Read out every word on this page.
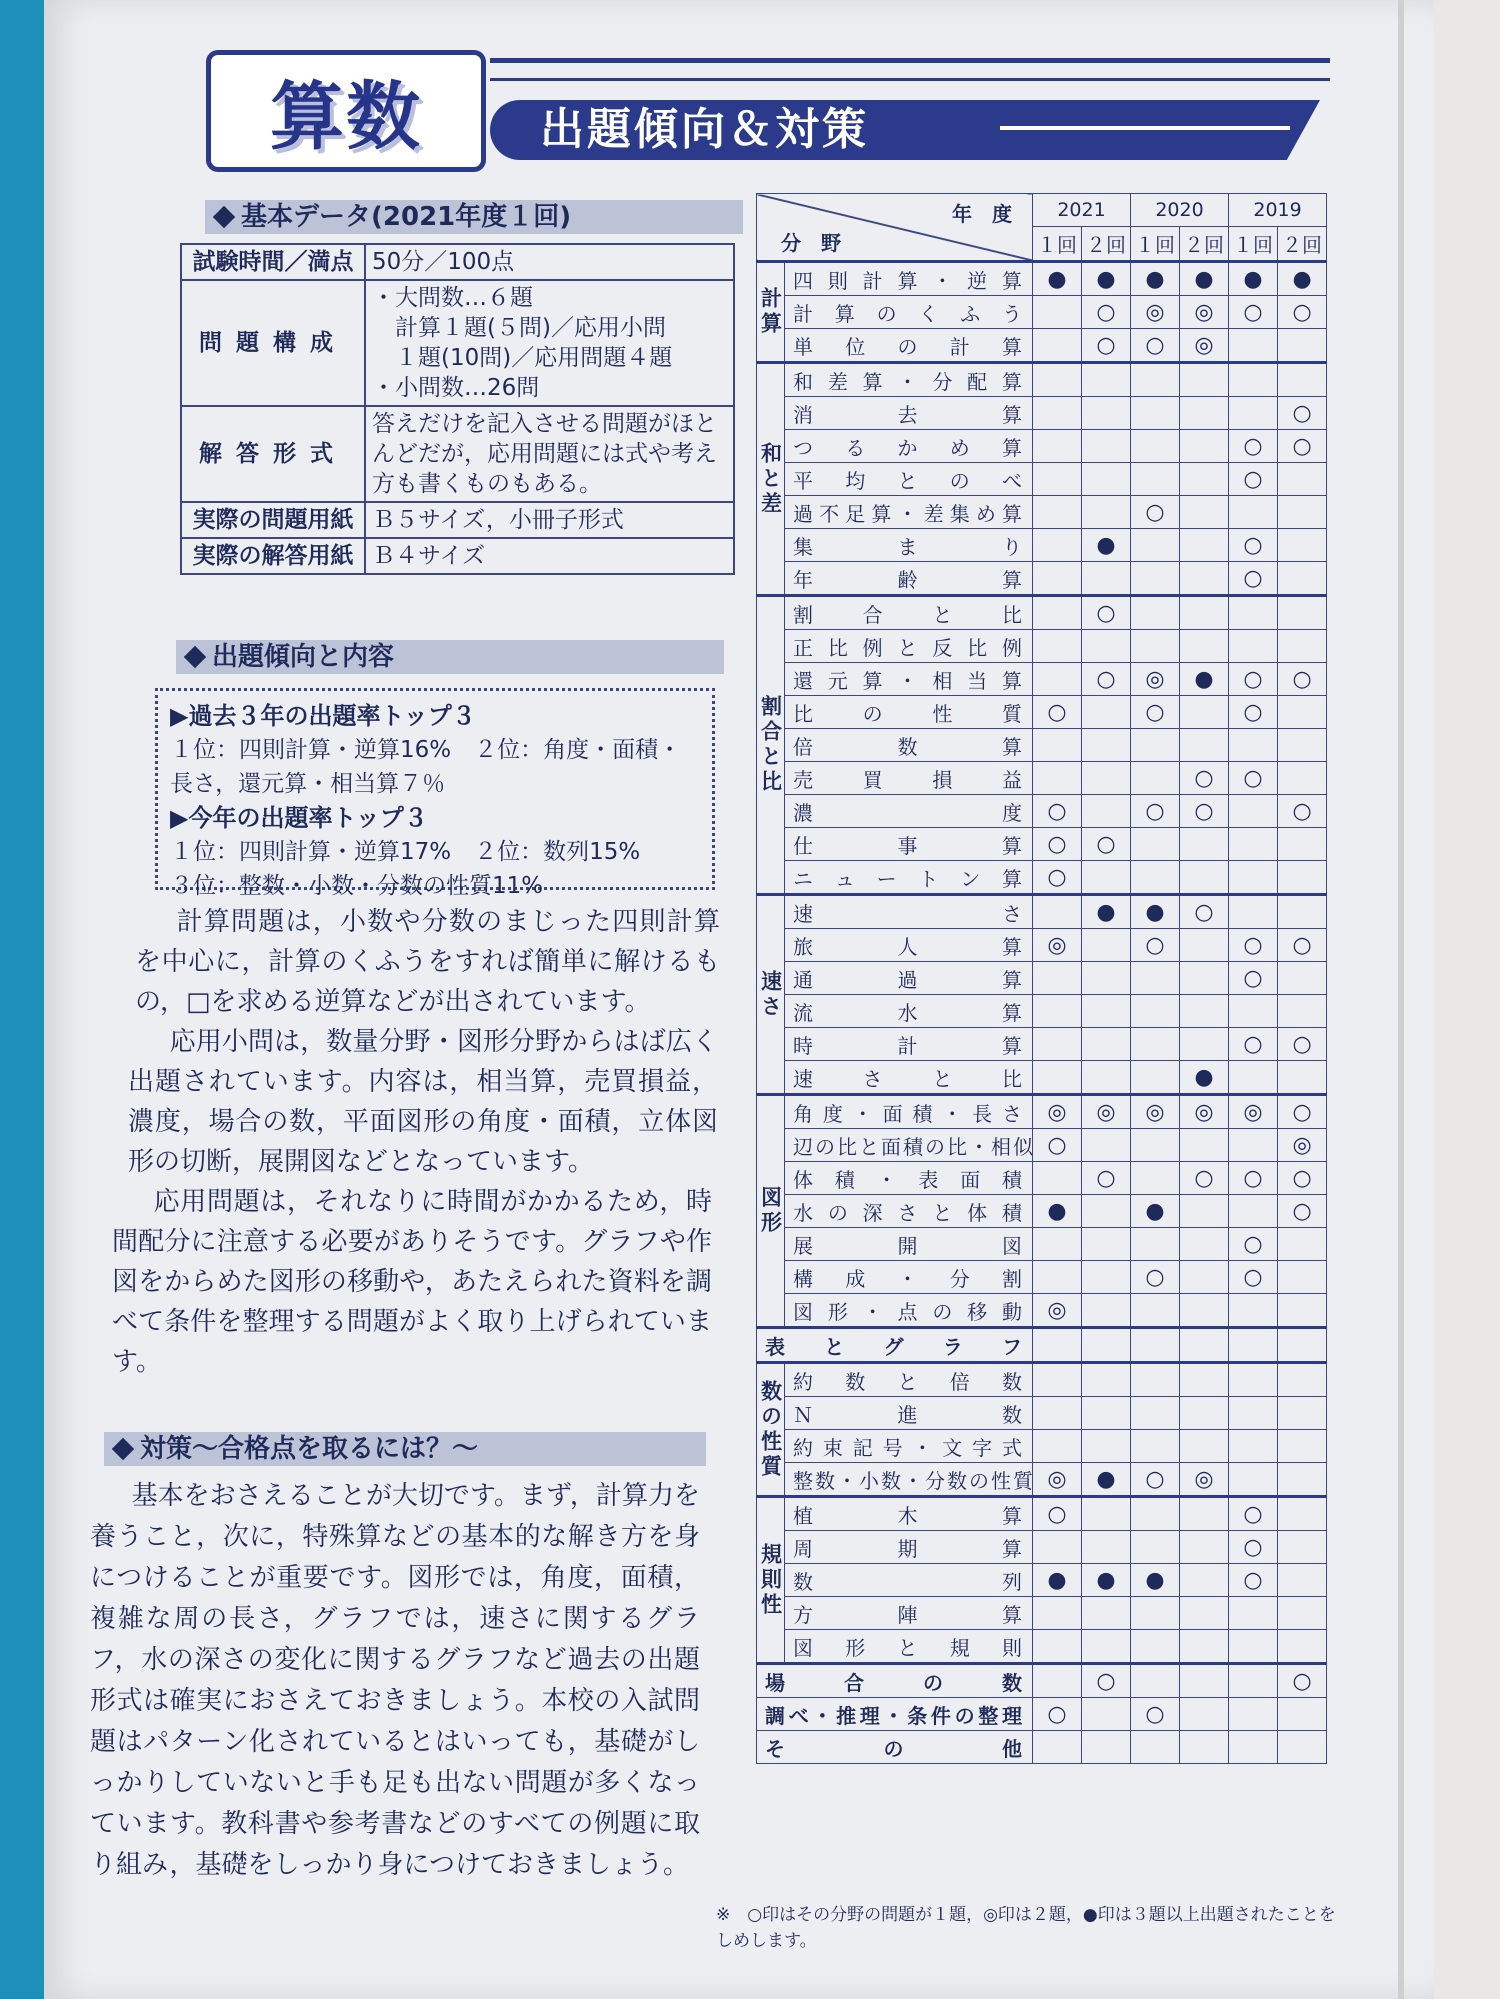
算数	出題傾向＆対策
基本データ(2021年度１回)
試験時間／満点	50分／100点
問題構成	・大問数…６題
　計算１題(５問)／応用小問
　１題(10問)／応用問題４題
・小問数…26問
解答形式	答えだけを記入させる問題がほとんどだが，応用問題には式や考え方も書くものもある。
実際の問題用紙	Ｂ５サイズ，小冊子形式
実際の解答用紙	Ｂ４サイズ
出題傾向と内容
▶過去３年の出題率トップ３
１位：四則計算・逆算16%　２位：角度・面積・長さ，還元算・相当算７％
▶今年の出題率トップ３
１位：四則計算・逆算17%　２位：数列15%
３位：整数・小数・分数の性質11%
計算問題は，小数や分数のまじった四則計算を中心に，計算のくふうをすれば簡単に解けるもの，□を求める逆算などが出されています。
応用小問は，数量分野・図形分野からはば広く出題されています。内容は，相当算，売買損益，濃度，場合の数，平面図形の角度・面積，立体図形の切断，展開図などとなっています。
応用問題は，それなりに時間がかかるため，時間配分に注意する必要がありそうです。グラフや作図をからめた図形の移動や，あたえられた資料を調べて条件を整理する問題がよく取り上げられています。
対策～合格点を取るには？～
基本をおさえることが大切です。まず，計算力を養うこと，次に，特殊算などの基本的な解き方を身につけることが重要です。図形では，角度，面積，複雑な周の長さ，グラフでは，速さに関するグラフ，水の深さの変化に関するグラフなど過去の出題形式は確実におさえておきましょう。本校の入試問題はパターン化されているとはいっても，基礎がしっかりしていないと手も足も出ない問題が多くなっています。教科書や参考書などのすべての例題に取り組み，基礎をしっかり身につけておきましょう。
年　度
分　野		2021		2020		2019	
		１回	２回	１回	２回	１回	２回
計算	四則計算・逆算	●	●	●	●	●	●
	計算のくふう		○	◎	◎	○	○
	単位の計算		○	○	◎		
和と差	和差算・分配算						
	消去算						○
	つるかめ算					○	○
	平均とのべ					○	
	過不足算・差集め算			○			
	集まり		●			○	
	年齢算					○	
割合と比	割合と比		○				
	正比例と反比例						
	還元算・相当算		○	◎	●	○	○
	比の性質	○		○		○	
	倍数算						
	売買損益				○	○	
	濃度	○		○	○		○
	仕事算	○	○				
	ニュートン算	○					
速さ	速さ		●	●	○		
	旅人算	◎		○		○	○
	通過算					○	
	流水算						
	時計算					○	○
	速さと比				●		
図形	角度・面積・長さ	◎	◎	◎	◎	◎	○
	辺の比と面積の比・相似	○					◎
	体積・表面積		○		○	○	○
	水の深さと体積	●		●			○
	展開図					○	
	構成・分割			○		○	
	図形・点の移動	◎					
表とグラフ							
数の性質	約数と倍数						
	Ｎ進数						
	約束記号・文字式						
	整数・小数・分数の性質	◎	●	○	◎		
規則性	植木算	○				○	
	周期算					○	
	数列	●	●	●		○	
	方陣算						
	図形と規則						
場合の数			○				○
調べ・推理・条件の整理		○		○			
その他							
※　○印はその分野の問題が１題，◎印は２題，●印は３題以上出題されたことをしめします。
